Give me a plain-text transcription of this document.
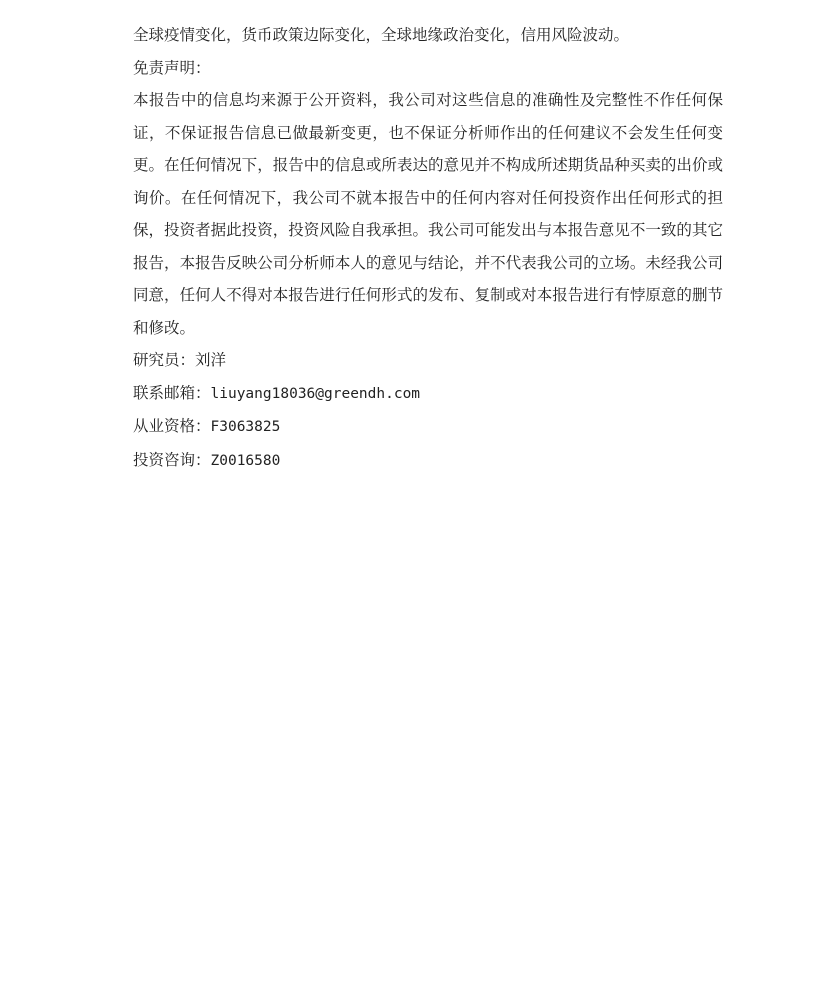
全球疫情变化，货币政策边际变化，全球地缘政治变化，信用风险波动。
免责声明：
本报告中的信息均来源于公开资料，我公司对这些信息的准确性及完整性不作任何保证，不保证报告信息已做最新变更，也不保证分析师作出的任何建议不会发生任何变更。在任何情况下，报告中的信息或所表达的意见并不构成所述期货品种买卖的出价或询价。在任何情况下，我公司不就本报告中的任何内容对任何投资作出任何形式的担保，投资者据此投资，投资风险自我承担。我公司可能发出与本报告意见不一致的其它报告，本报告反映公司分析师本人的意见与结论，并不代表我公司的立场。未经我公司同意，任何人不得对本报告进行任何形式的发布、复制或对本报告进行有悖原意的删节和修改。
研究员：刘洋
联系邮箱：liuyang18036@greendh.com
从业资格：F3063825
投资咨询：Z0016580
